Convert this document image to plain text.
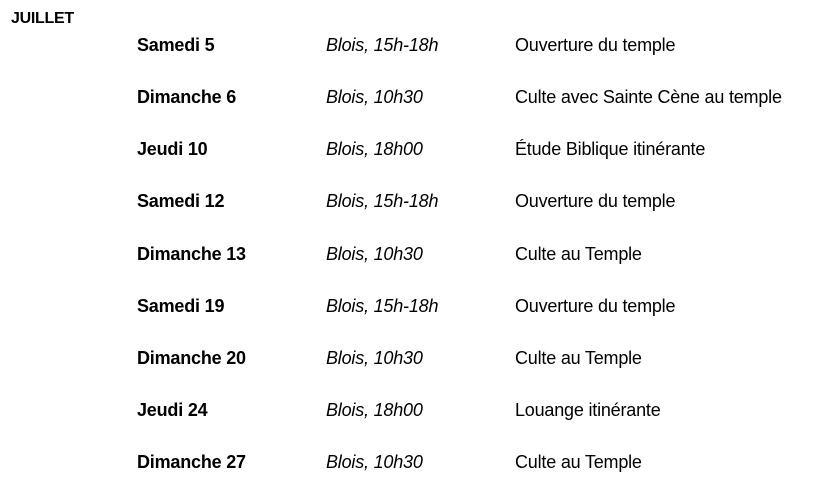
JUILLET
Samedi 5	Blois, 15h-18h	Ouverture du temple
Dimanche 6	Blois, 10h30	Culte avec Sainte Cène au temple
Jeudi 10	Blois, 18h00	Étude Biblique itinérante
Samedi 12	Blois, 15h-18h	Ouverture du temple
Dimanche 13	Blois, 10h30	Culte au Temple
Samedi 19	Blois, 15h-18h	Ouverture du temple
Dimanche 20	Blois, 10h30	Culte au Temple
Jeudi 24	Blois, 18h00	Louange itinérante
Dimanche 27	Blois, 10h30	Culte au Temple
